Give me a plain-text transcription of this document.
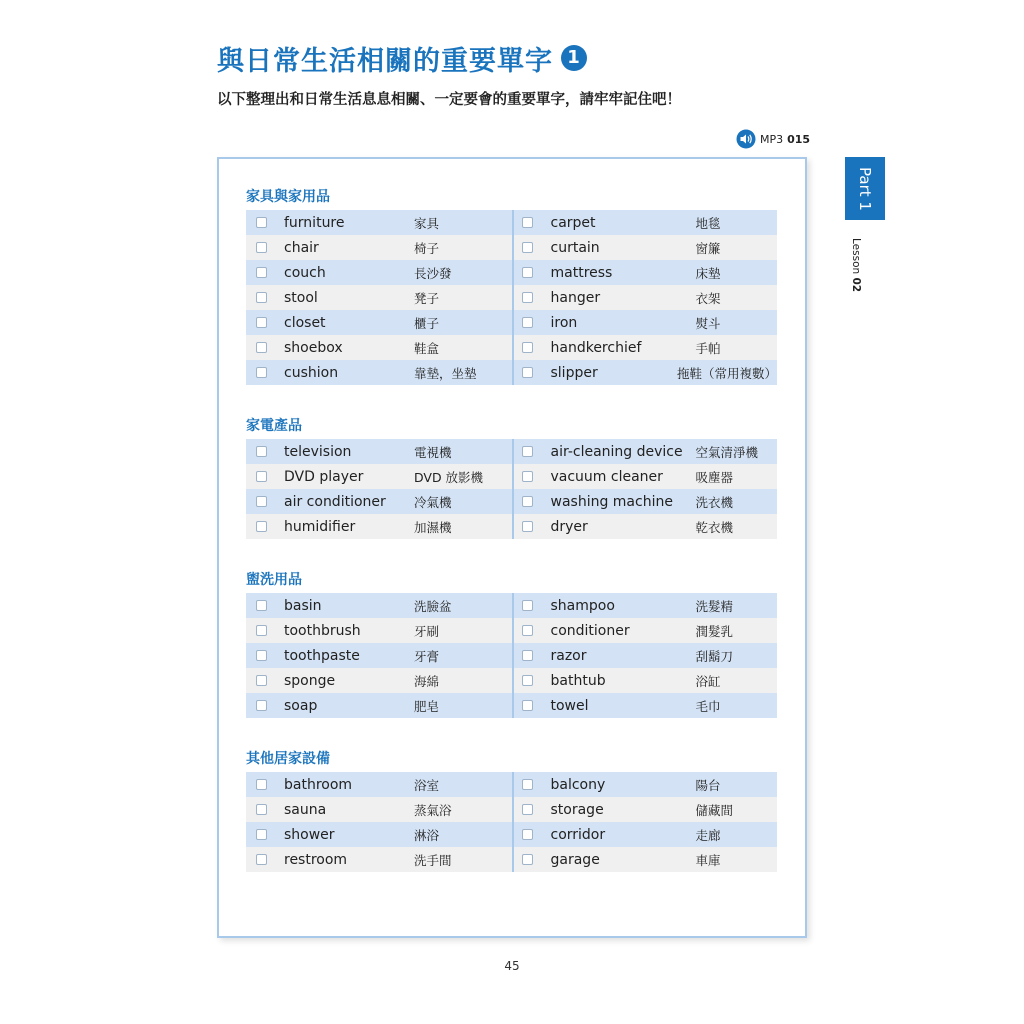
與日常生活相關的重要單字 1
以下整理出和日常生活息息相關、一定要會的重要單字，請牢牢記住吧！
MP3 015
Part 1
Lesson 02
家具與家用品
furniture	家具	carpet	地毯
chair	椅子	curtain	窗簾
couch	長沙發	mattress	床墊
stool	凳子	hanger	衣架
closet	櫃子	iron	熨斗
shoebox	鞋盒	handkerchief	手帕
cushion	靠墊，坐墊	slipper	拖鞋（常用複數）
家電產品
television	電視機	air-cleaning device	空氣清淨機
DVD player	DVD 放影機	vacuum cleaner	吸塵器
air conditioner	冷氣機	washing machine	洗衣機
humidifier	加濕機	dryer	乾衣機
盥洗用品
basin	洗臉盆	shampoo	洗髮精
toothbrush	牙刷	conditioner	潤髮乳
toothpaste	牙膏	razor	刮鬍刀
sponge	海綿	bathtub	浴缸
soap	肥皂	towel	毛巾
其他居家設備
bathroom	浴室	balcony	陽台
sauna	蒸氣浴	storage	儲藏間
shower	淋浴	corridor	走廊
restroom	洗手間	garage	車庫
45
